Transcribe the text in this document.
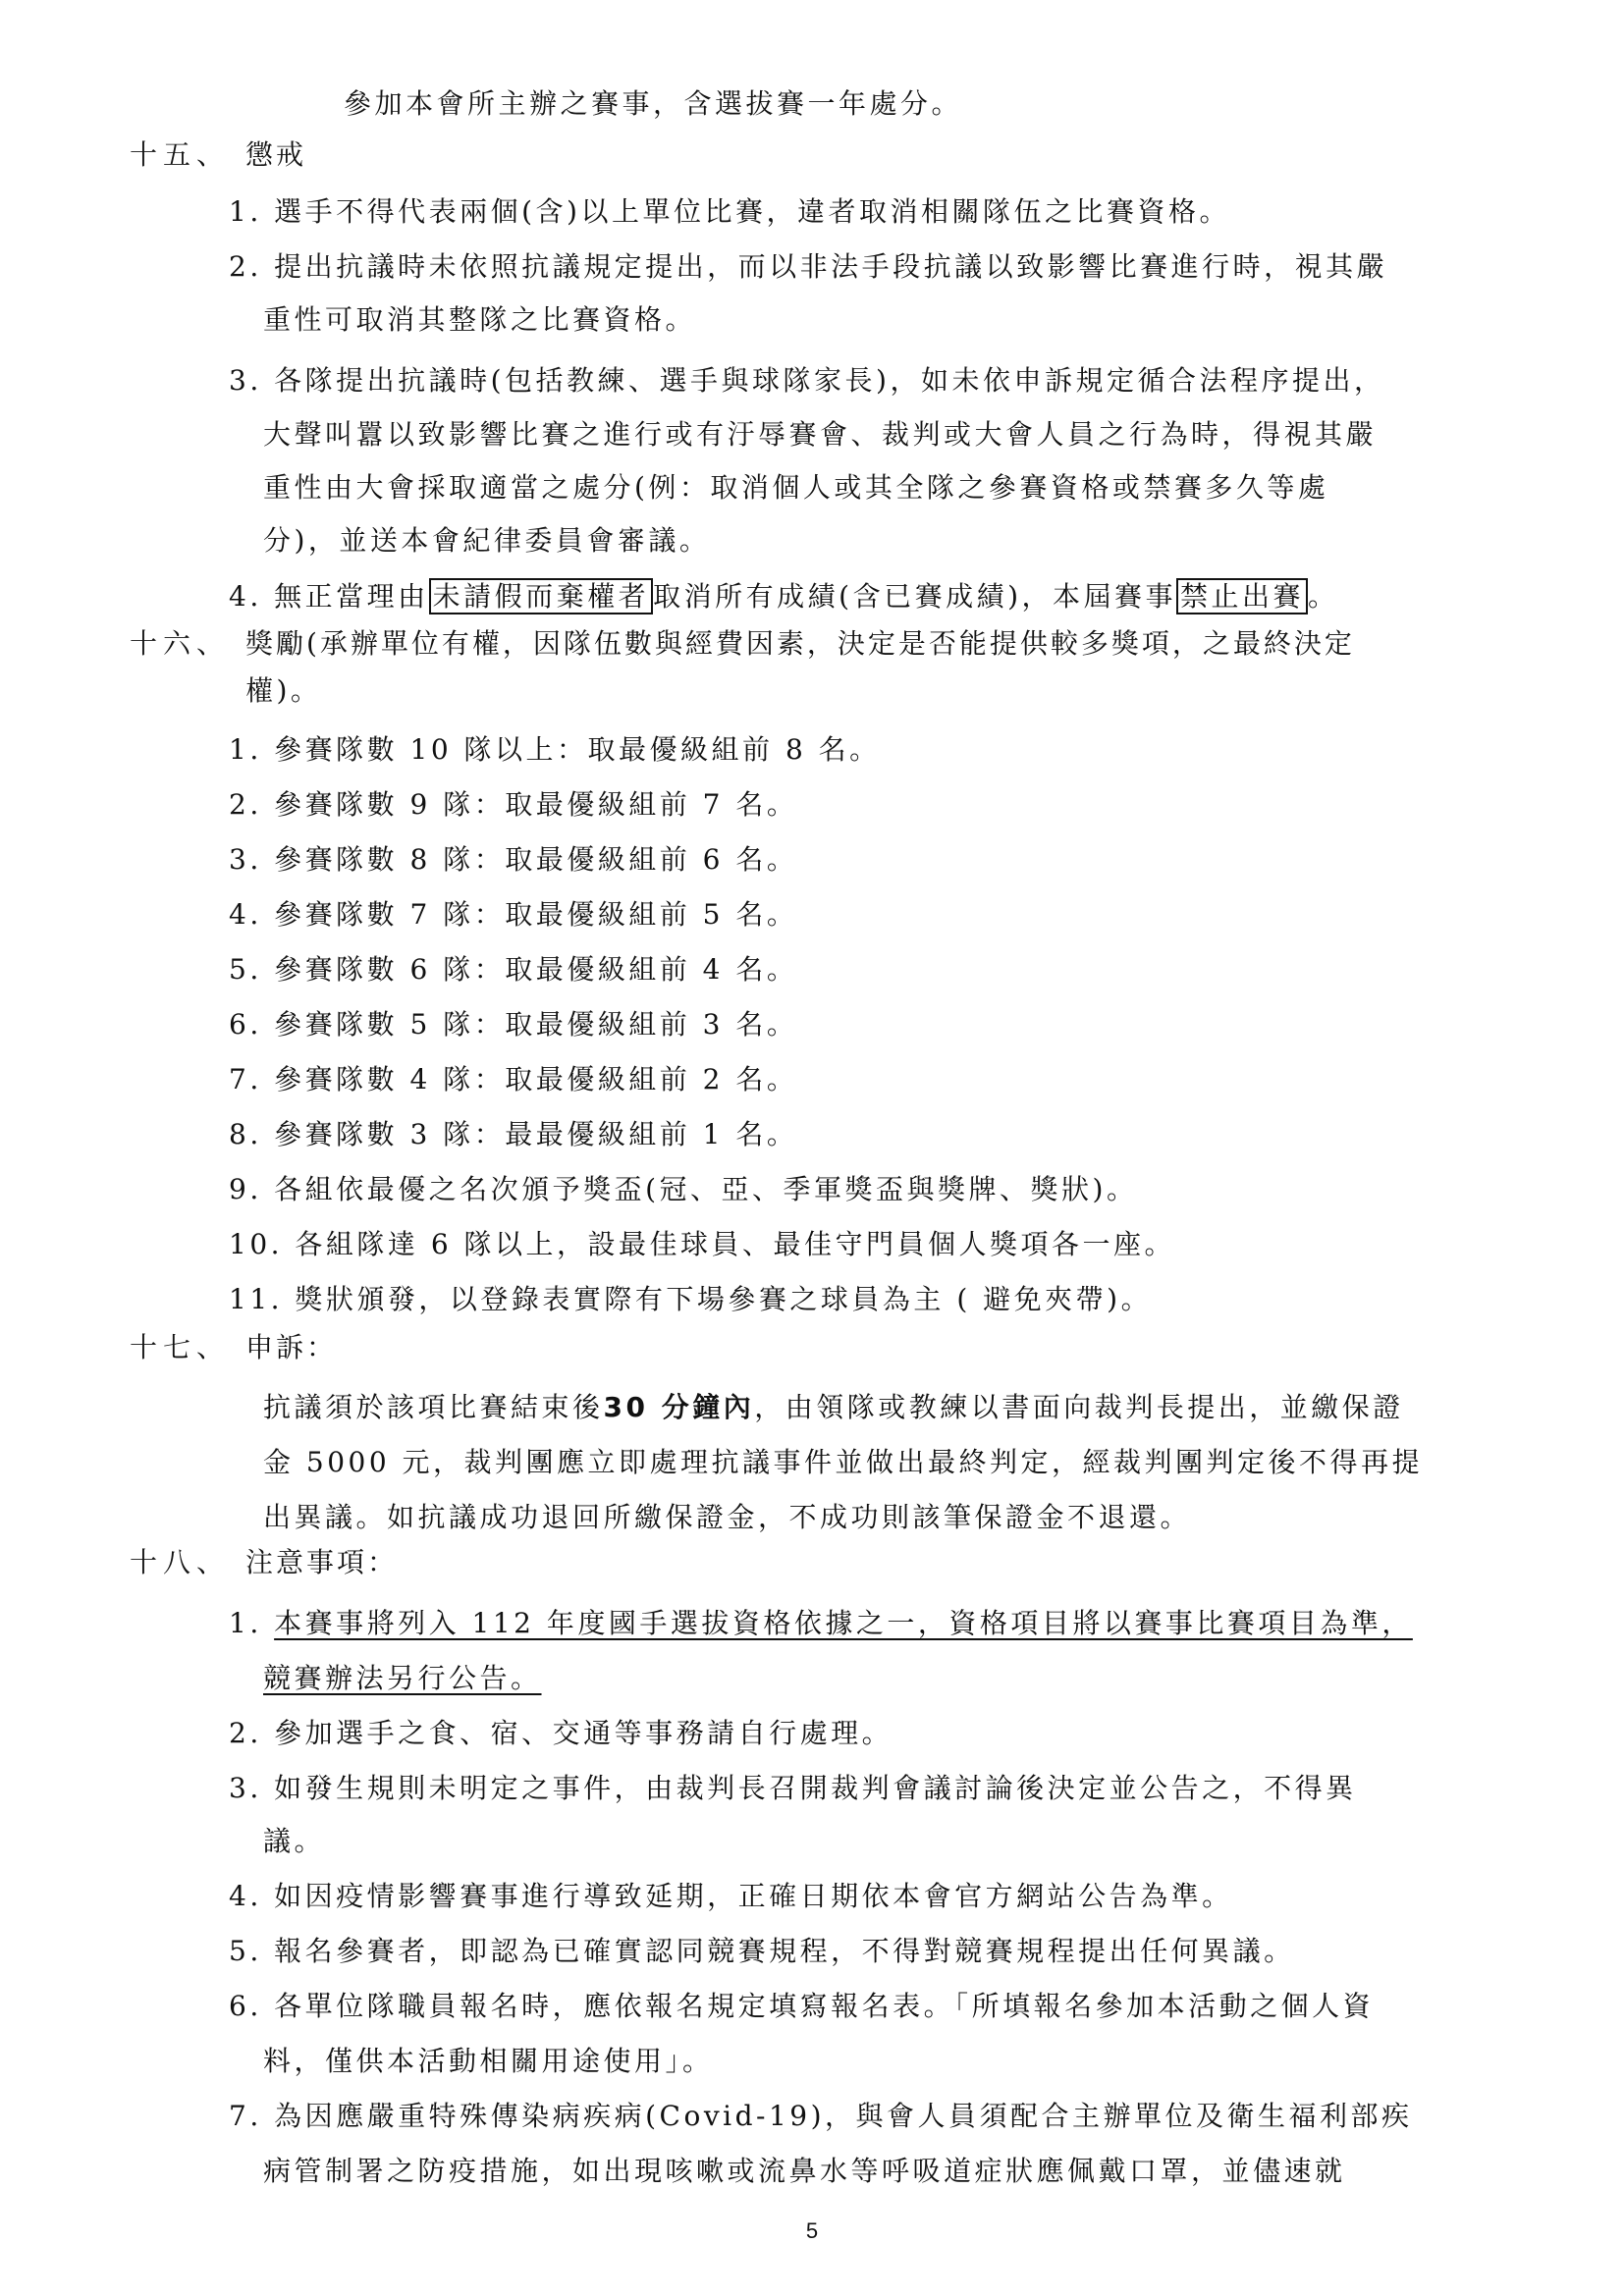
參加本會所主辦之賽事，含選拔賽一年處分。
十五、 懲戒
1. 選手不得代表兩個(含)以上單位比賽，違者取消相關隊伍之比賽資格。
2. 提出抗議時未依照抗議規定提出，而以非法手段抗議以致影響比賽進行時，視其嚴
重性可取消其整隊之比賽資格。
3. 各隊提出抗議時(包括教練、選手與球隊家長)，如未依申訴規定循合法程序提出，
大聲叫囂以致影響比賽之進行或有汙辱賽會、裁判或大會人員之行為時，得視其嚴
重性由大會採取適當之處分(例：取消個人或其全隊之參賽資格或禁賽多久等處
分)，並送本會紀律委員會審議。
4. 無正當理由 未請假而棄權者 取消所有成績(含已賽成績)，本屆賽事 禁止出賽 。
十六、 獎勵(承辦單位有權，因隊伍數與經費因素，決定是否能提供較多獎項，之最終決定
權)。
1. 參賽隊數 10 隊以上：取最優級組前 8 名。
2. 參賽隊數 9 隊：取最優級組前 7 名。
3. 參賽隊數 8 隊：取最優級組前 6 名。
4. 參賽隊數 7 隊：取最優級組前 5 名。
5. 參賽隊數 6 隊：取最優級組前 4 名。
6. 參賽隊數 5 隊：取最優級組前 3 名。
7. 參賽隊數 4 隊：取最優級組前 2 名。
8. 參賽隊數 3 隊：最最優級組前 1 名。
9. 各組依最優之名次頒予獎盃(冠、亞、季軍獎盃與獎牌、獎狀)。
10. 各組隊達 6 隊以上，設最佳球員、最佳守門員個人獎項各一座。
11. 獎狀頒發，以登錄表實際有下場參賽之球員為主 ( 避免夾帶)。
十七、 申訴：
抗議須於該項比賽結束後30 分鐘內，由領隊或教練以書面向裁判長提出，並繳保證
金 5000 元，裁判團應立即處理抗議事件並做出最終判定，經裁判團判定後不得再提
出異議。如抗議成功退回所繳保證金，不成功則該筆保證金不退還。
十八、 注意事項：
1. 本賽事將列入 112 年度國手選拔資格依據之一，資格項目將以賽事比賽項目為準，
競賽辦法另行公告。
2. 參加選手之食、宿、交通等事務請自行處理。
3. 如發生規則未明定之事件，由裁判長召開裁判會議討論後決定並公告之，不得異
議。
4. 如因疫情影響賽事進行導致延期，正確日期依本會官方網站公告為準。
5. 報名參賽者，即認為已確實認同競賽規程，不得對競賽規程提出任何異議。
6. 各單位隊職員報名時，應依報名規定填寫報名表。「所填報名參加本活動之個人資
料，僅供本活動相關用途使用」。
7. 為因應嚴重特殊傳染病疾病(Covid-19)，與會人員須配合主辦單位及衛生福利部疾
病管制署之防疫措施，如出現咳嗽或流鼻水等呼吸道症狀應佩戴口罩，並儘速就
5
